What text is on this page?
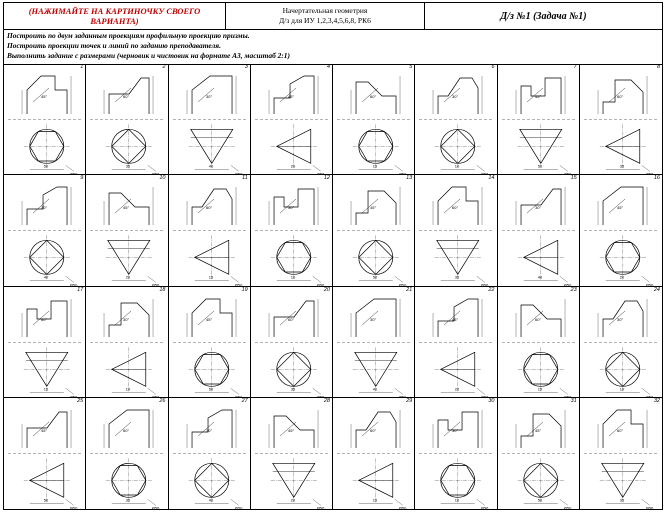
(НАЖИМАЙТЕ НА КАРТИНОЧКУ СВОЕГО ВАРИАНТА)
Начертательная геометрия
Д/з для ИУ 1,2,3,4,5,6,8, РК6	Д/з №1 (Задача №1)
Построить по двум заданным проекциям профильную проекцию призмы.
Построить проекции точек и линий по заданию преподавателя.
Выполнить задание с размерами (черновик и чистовик на формате А3, масштаб 2:1)
1
45°
Ø50
50
2
60°
Ø56
35
3
30°
Ø50
40
4
45°
Ø56
20
5
60°
Ø50
15
6
30°
Ø56
10
7
45°
Ø50
50
8
60°
Ø56
35
9
30°
Ø50
40
10
45°
Ø56
20
11
60°
Ø50
15
12
30°
Ø56
10
13
45°
Ø50
50
14
60°
Ø56
35
15
30°
Ø50
40
16
45°
Ø56
20
17
60°
Ø50
15
18
30°
Ø56
10
19
45°
Ø50
50
20
60°
Ø56
35
21
30°
Ø50
40
22
45°
Ø56
20
23
60°
Ø50
15
24
30°
Ø56
10
25
45°
Ø50
50
26
60°
Ø56
35
27
30°
Ø50
40
28
45°
Ø56
20
29
60°
Ø50
15
30
30°
Ø56
10
31
45°
Ø50
50
32
60°
Ø56
35
